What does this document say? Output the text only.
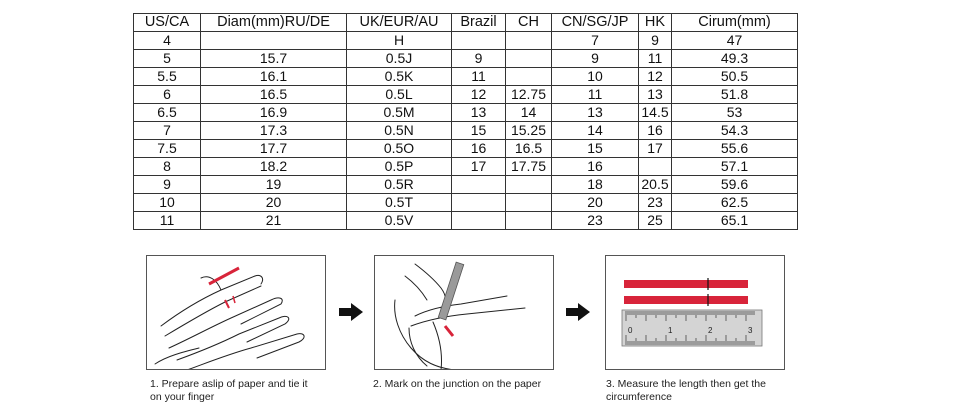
US/CA	Diam(mm)RU/DE	UK/EUR/AU	Brazil	CH	CN/SG/JP	HK	Cirum(mm)
4		H			7	9	47
5	15.7	0.5J	9		9	11	49.3
5.5	16.1	0.5K	11		10	12	50.5
6	16.5	0.5L	12	12.75	11	13	51.8
6.5	16.9	0.5M	13	14	13	14.5	53
7	17.3	0.5N	15	15.25	14	16	54.3
7.5	17.7	0.5O	16	16.5	15	17	55.6
8	18.2	0.5P	17	17.75	16		57.1
9	19	0.5R			18	20.5	59.6
10	20	0.5T			20	23	62.5
11	21	0.5V			23	25	65.1
0	1	2	3
1. Prepare aslip of paper and tie it
on your finger
2. Mark on the junction on the paper	3. Measure the length then get the
circumference
